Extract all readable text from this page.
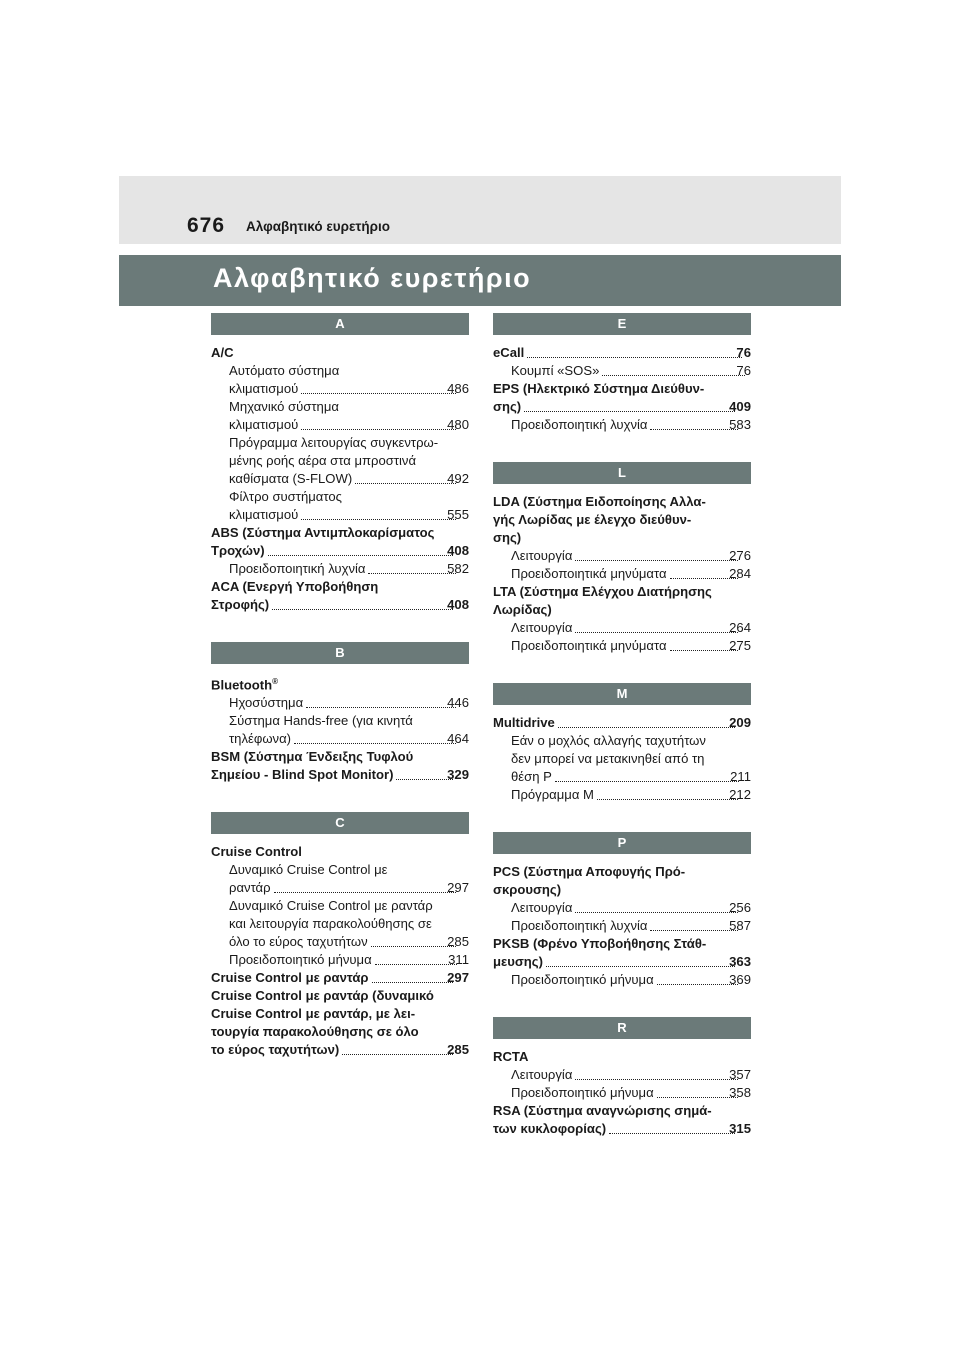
676 Αλφαβητικό ευρετήριο
Αλφαβητικό ευρετήριο
A
A/C
Αυτόματο σύστημα
κλιματισμού	486
Μηχανικό σύστημα
κλιματισμού	480
Πρόγραμμα λειτουργίας συγκεντρω-
μένης ροής αέρα στα μπροστινά
καθίσματα (S-FLOW)	492
Φίλτρο συστήματος
κλιματισμού	555
ABS (Σύστημα Αντιμπλοκαρίσματος
Τροχών)	408
Προειδοποιητική λυχνία	582
ACA (Ενεργή Υποβοήθηση
Στροφής)	408
B
Bluetooth®
Ηχοσύστημα	446
Σύστημα Hands-free (για κινητά
τηλέφωνα)	464
BSM (Σύστημα Ένδειξης Τυφλού
Σημείου - Blind Spot Monitor)	329
C
Cruise Control
Δυναμικό Cruise Control με
ραντάρ	297
Δυναμικό Cruise Control με ραντάρ
και λειτουργία παρακολούθησης σε
όλο το εύρος ταχυτήτων	285
Προειδοποιητικό μήνυμα	311
Cruise Control με ραντάρ	297
Cruise Control με ραντάρ (δυναμικό
Cruise Control με ραντάρ, με λει-
τουργία παρακολούθησης σε όλο
το εύρος ταχυτήτων)	285
E
eCall	76
Κουμπί «SOS»	76
EPS (Ηλεκτρικό Σύστημα Διεύθυν-
σης)	409
Προειδοποιητική λυχνία	583
L
LDA (Σύστημα Ειδοποίησης Αλλα-
γής Λωρίδας με έλεγχο διεύθυν-
σης)
Λειτουργία	276
Προειδοποιητικά μηνύματα	284
LTA (Σύστημα Ελέγχου Διατήρησης
Λωρίδας)
Λειτουργία	264
Προειδοποιητικά μηνύματα	275
M
Multidrive	209
Εάν ο μοχλός αλλαγής ταχυτήτων
δεν μπορεί να μετακινηθεί από τη
θέση P	211
Πρόγραμμα M	212
P
PCS (Σύστημα Αποφυγής Πρό-
σκρουσης)
Λειτουργία	256
Προειδοποιητική λυχνία	587
PKSB (Φρένο Υποβοήθησης Στάθ-
μευσης)	363
Προειδοποιητικό μήνυμα	369
R
RCTA
Λειτουργία	357
Προειδοποιητικό μήνυμα	358
RSA (Σύστημα αναγνώρισης σημά-
των κυκλοφορίας)	315
